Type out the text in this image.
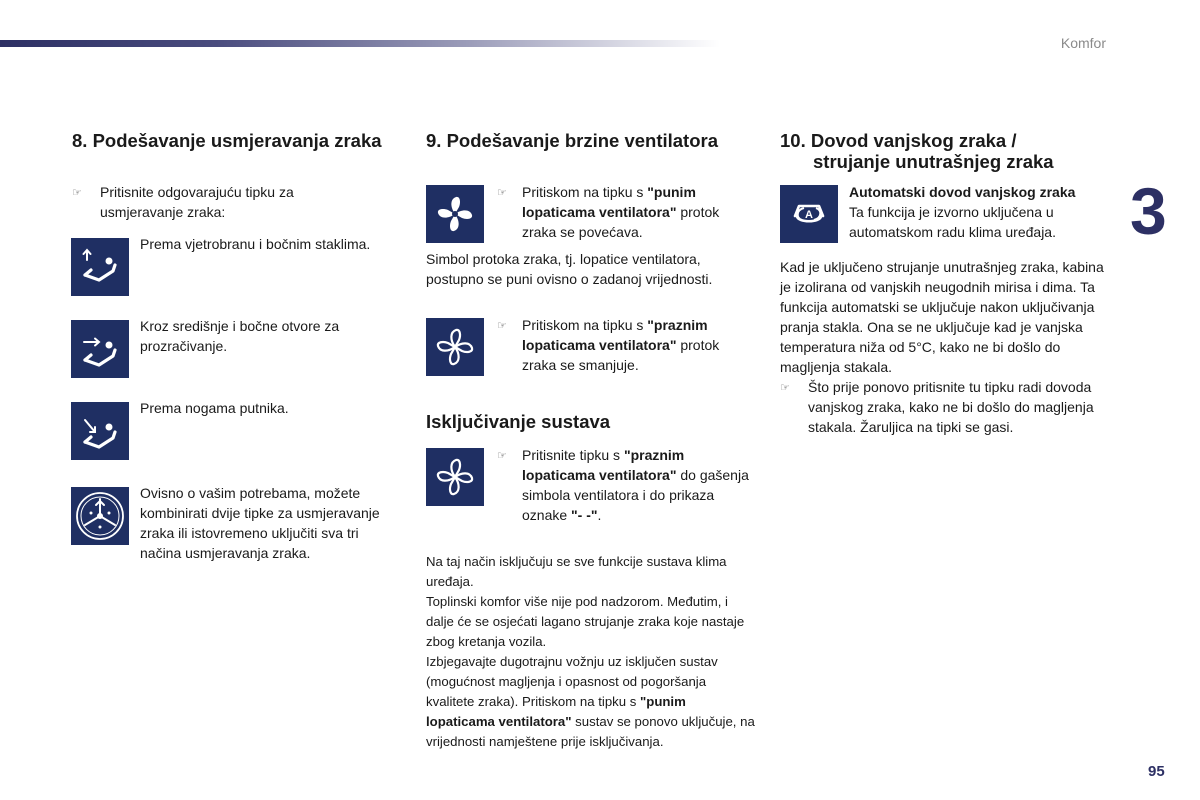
Komfor
3
95
8. Podešavanje usmjeravanja zraka
☞ Pritisnite odgovarajuću tipku za usmjeravanje zraka:
Prema vjetrobranu i bočnim staklima.
Kroz središnje i bočne otvore za prozračivanje.
Prema nogama putnika.
Ovisno o vašim potrebama, možete kombinirati dvije tipke za usmjeravanje zraka ili istovremeno uključiti sva tri načina usmjeravanja zraka.
9. Podešavanje brzine ventilatora
☞ Pritiskom na tipku s "punim lopaticama ventilatora" protok zraka se povećava.
Simbol protoka zraka, tj. lopatice ventilatora, postupno se puni ovisno o zadanoj vrijednosti.
☞ Pritiskom na tipku s "praznim lopaticama ventilatora" protok zraka se smanjuje.
Isključivanje sustava
☞ Pritisnite tipku s "praznim lopaticama ventilatora" do gašenja simbola ventilatora i do prikaza oznake "- -".
Na taj način isključuju se sve funkcije sustava klima uređaja.
Toplinski komfor više nije pod nadzorom. Međutim, i dalje će se osjećati lagano strujanje zraka koje nastaje zbog kretanja vozila.
Izbjegavajte dugotrajnu vožnju uz isključen sustav (mogućnost magljenja i opasnost od pogoršanja kvalitete zraka). Pritiskom na tipku s "punim lopaticama ventilatora" sustav se ponovo uključuje, na vrijednosti namještene prije isključivanja.
10. Dovod vanjskog zraka /
strujanje unutrašnjeg zraka
A
Automatski dovod vanjskog zraka
Ta funkcija je izvorno uključena u automatskom radu klima uređaja.
Kad je uključeno strujanje unutrašnjeg zraka, kabina je izolirana od vanjskih neugodnih mirisa i dima. Ta funkcija automatski se uključuje nakon uključivanja pranja stakla. Ona se ne uključuje kad je vanjska temperatura niža od 5°C, kako ne bi došlo do magljenja stakala.
☞ Što prije ponovo pritisnite tu tipku radi dovoda vanjskog zraka, kako ne bi došlo do magljenja stakala. Žaruljica na tipki se gasi.
